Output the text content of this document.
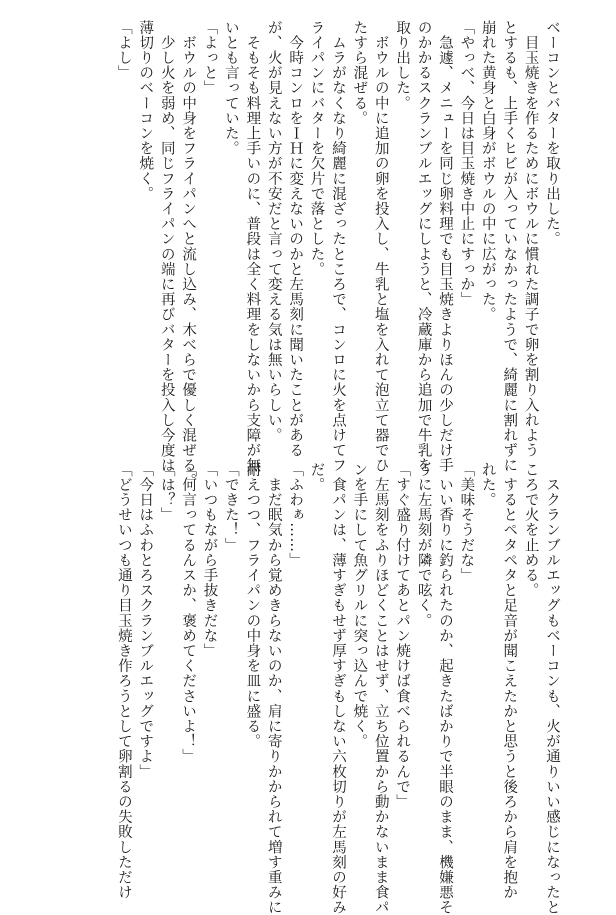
ベーコンとバターを取り出した。
　目玉焼きを作るためにボウルに慣れた調子で卵を割り入れよう
とするも、上手くヒビが入っていなかったようで、綺麗に割れずに
崩れた黄身と白身がボウルの中に広がった。
「やっべ、今日は目玉焼き中止にすっか」
　急遽、メニューを同じ卵料理でも目玉焼きよりほんの少しだけ手
のかかるスクランブルエッグにしようと、冷蔵庫から追加で牛乳を
取り出した。
　ボウルの中に追加の卵を投入し、牛乳と塩を入れて泡立て器でひ
たすら混ぜる。
　ムラがなくなり綺麗に混ざったところで、コンロに火を点けてフ
ライパンにバターを欠片で落とした。
　今時コンロをＩＨに変えないのかと左馬刻に聞いたことがある
が、火が見えない方が不安だと言って変える気は無いらしい。
　そもそも料理上手いのに、普段は全く料理をしないから支障が無
いとも言っていた。
「よっと」
　ボウルの中身をフライパンへと流し込み、木べらで優しく混ぜる。
　少し火を弱め、同じフライパンの端に再びバターを投入し今度は
薄切りのベーコンを焼く。
「よし」
　スクランブルエッグもベーコンも、火が通りいい感じになったと
ころで火を止める。
　するとペタペタと足音が聞こえたかと思うと後ろから肩を抱か
れた。
「美味そうだな」
　いい香りに釣られたのか、起きたばかりで半眼のまま、機嫌悪そ
うに左馬刻が隣で呟く。
「すぐ盛り付けてあとパン焼けば食べられるんで」
　左馬刻をふりほどくことはせず、立ち位置から動かないまま食パ
ンを手にして魚グリルに突っ込んで焼く。
　食パンは、薄すぎもせず厚すぎもしない六枚切りが左馬刻の好み
だ。
「ふわぁ……」
　まだ眠気から覚めきらないのか、肩に寄りかかられて増す重みに
耐えつつ、フライパンの中身を皿に盛る。
「できた！」
「いつもながら手抜きだな」
「何言ってるんスか、褒めてくださいよ！」
「は？」
「今日はふわとろスクランブルエッグですよ」
「どうせいつも通り目玉焼き作ろうとして卵割るの失敗しただけ
